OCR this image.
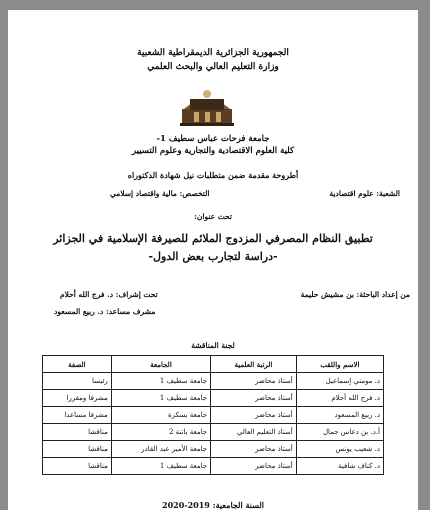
الجمهورية الجزائرية الديمقراطية الشعبية
وزارة التعليم العالي والبحث العلمي
جامعة فرحات عباس سطيف 1-
كلية العلوم الاقتصادية والتجارية وعلوم التسيير
أطروحة مقدمة ضمن متطلبات نيل شهادة الدكتوراه
الشعبة: علوم اقتصادية
التخصص: مالية واقتصاد إسلامي
تحت عنوان:
تطبيق النظام المصرفي المزدوج الملائم للصيرفة الإسلامية في الجزائر
-دراسة لتجارب بعض الدول-
من إعداد الباحثة: بن مشيش حليمة
تحت إشراف: د. فرج الله أحلام
مشرف مساعد: د. ربيع المسعود
لجنة المناقشة
الاسم واللقب	الرتبة العلمية	الجامعة	الصفة
د. مومني إسماعيل	أستاذ محاضر	جامعة سطيف 1	رئيسا
د. فرج الله أحلام	أستاذ محاضر	جامعة سطيف 1	مشرفا ومقررا
د. ربيع المسعود	أستاذ محاضر	جامعة بسكرة	مشرفا مساعدا
أ.د. بن دعاس جمال	أستاذ التعليم العالي	جامعة باتنة 2	مناقشا
د. شعيب يونس	أستاذ محاضر	جامعة الأمير عبد القادر	مناقشا
د. كناف شافية	أستاذ محاضر	جامعة سطيف 1	مناقشا
السنة الجامعية: 2019-2020
